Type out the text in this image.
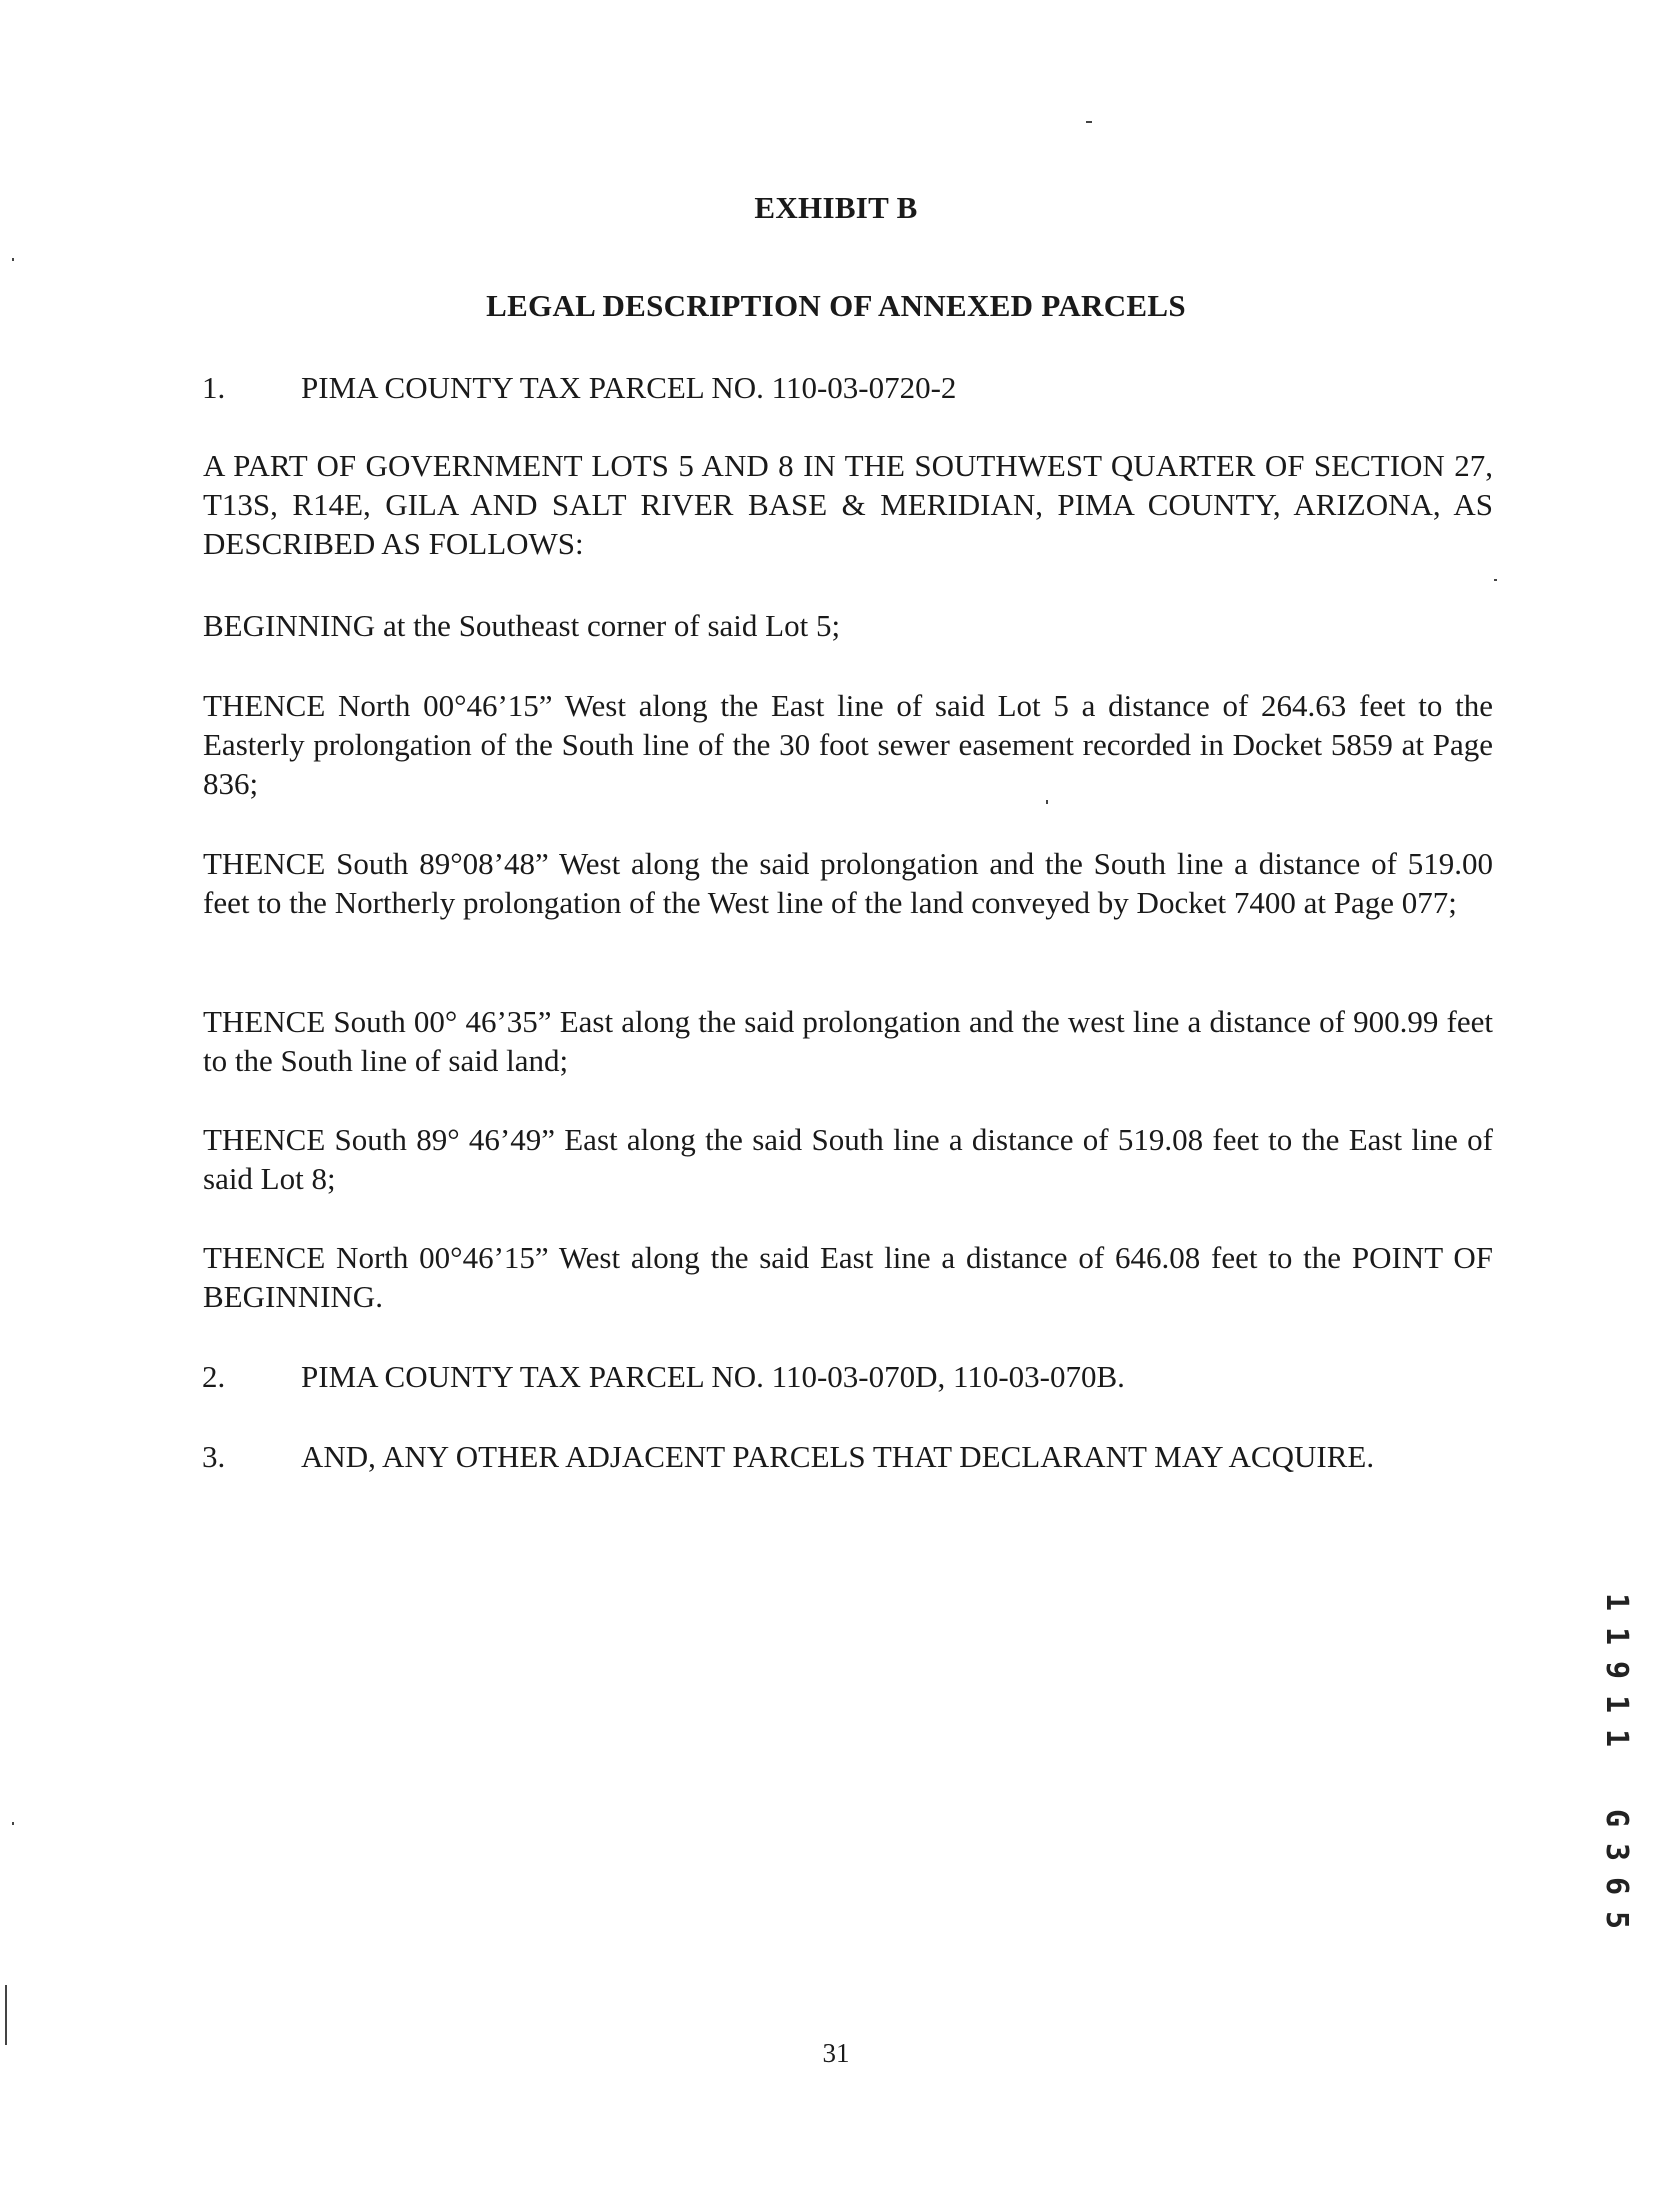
EXHIBIT B
LEGAL DESCRIPTION OF ANNEXED PARCELS
1. PIMA COUNTY TAX PARCEL NO. 110-03-0720-2
A PART OF GOVERNMENT LOTS 5 AND 8 IN THE SOUTHWEST QUARTER OF SECTION 27, T13S, R14E, GILA AND SALT RIVER BASE & MERIDIAN, PIMA COUNTY, ARIZONA, AS DESCRIBED AS FOLLOWS:
BEGINNING at the Southeast corner of said Lot 5;
THENCE North 00°46’15” West along the East line of said Lot 5 a distance of 264.63 feet to the Easterly prolongation of the South line of the 30 foot sewer easement recorded in Docket 5859 at Page 836;
THENCE South 89°08’48” West along the said prolongation and the South line a distance of 519.00 feet to the Northerly prolongation of the West line of the land conveyed by Docket 7400 at Page 077;
THENCE South 00° 46’35” East along the said prolongation and the west line a distance of 900.99 feet to the South line of said land;
THENCE South 89° 46’49” East along the said South line a distance of 519.08 feet to the East line of said Lot 8;
THENCE North 00°46’15” West along the said East line a distance of 646.08 feet to the POINT OF BEGINNING.
2. PIMA COUNTY TAX PARCEL NO. 110-03-070D, 110-03-070B.
3. AND, ANY OTHER ADJACENT PARCELS THAT DECLARANT MAY ACQUIRE.
1
1
9
1
1
G
3
6
5
31
